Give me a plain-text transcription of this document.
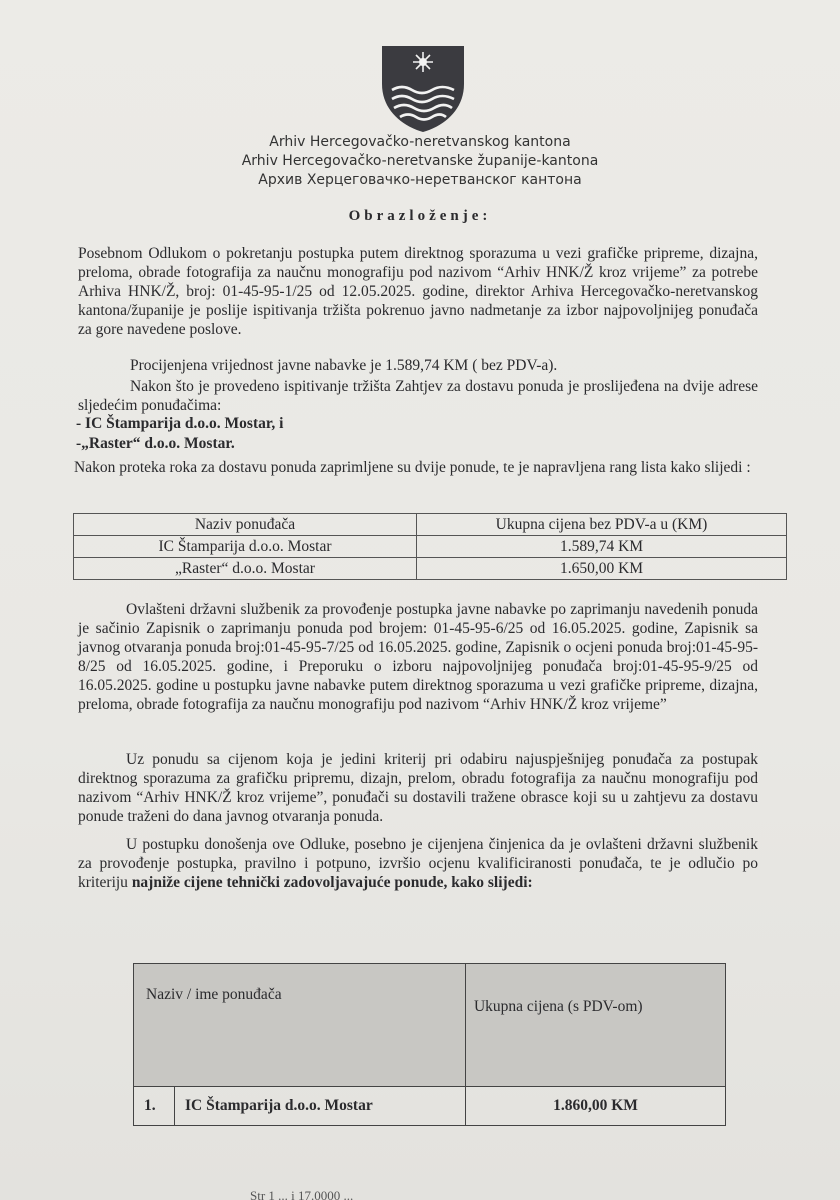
Arhiv Hercegovačko-neretvanskog kantona
Arhiv Hercegovačko-neretvanske županije-kantona
Архив Херцеговачко-неретванског кантона
Obrazloženje:
Posebnom Odlukom o pokretanju postupka putem direktnog sporazuma u vezi grafičke pripreme, dizajna, preloma, obrade fotografija za naučnu monografiju pod nazivom “Arhiv HNK/Ž kroz vrijeme” za potrebe Arhiva HNK/Ž, broj: 01-45-95-1/25 od 12.05.2025. godine, direktor Arhiva Hercegovačko-neretvanskog kantona/županije je poslije ispitivanja tržišta pokrenuo javno nadmetanje za izbor najpovoljnijeg ponuđača za gore navedene poslove.
Procijenjena vrijednost javne nabavke je 1.589,74 KM ( bez PDV-a).
Nakon što je provedeno ispitivanje tržišta Zahtjev za dostavu ponuda je proslijeđena na dvije adrese sljedećim ponuđačima:
- IC Štamparija d.o.o. Mostar, i
-„Raster“ d.o.o. Mostar.
Nakon proteka roka za dostavu ponuda zaprimljene su dvije ponude, te je napravljena rang lista kako slijedi :
Naziv ponuđača	Ukupna cijena bez PDV-a u (KM)
IC Štamparija d.o.o. Mostar	1.589,74 KM
„Raster“ d.o.o. Mostar	1.650,00 KM
Ovlašteni državni službenik za provođenje postupka javne nabavke po zaprimanju navedenih ponuda je sačinio Zapisnik o zaprimanju ponuda pod brojem: 01-45-95-6/25 od 16.05.2025. godine, Zapisnik sa javnog otvaranja ponuda broj:01-45-95-7/25 od 16.05.2025. godine, Zapisnik o ocjeni ponuda broj:01-45-95-8/25 od 16.05.2025. godine, i Preporuku o izboru najpovoljnijeg ponuđača broj:01-45-95-9/25 od 16.05.2025. godine u postupku javne nabavke putem direktnog sporazuma u vezi grafičke pripreme, dizajna, preloma, obrade fotografija za naučnu monografiju pod nazivom “Arhiv HNK/Ž kroz vrijeme”
Uz ponudu sa cijenom koja je jedini kriterij pri odabiru najuspješnijeg ponuđača za postupak direktnog sporazuma za grafičku pripremu, dizajn, prelom, obradu fotografija za naučnu monografiju pod nazivom “Arhiv HNK/Ž kroz vrijeme”, ponuđači su dostavili tražene obrasce koji su u zahtjevu za dostavu ponude traženi do dana javnog otvaranja ponuda.
U postupku donošenja ove Odluke, posebno je cijenjena činjenica da je ovlašteni državni službenik za provođenje postupka, pravilno i potpuno, izvršio ocjenu kvalificiranosti ponuđača, te je odlučio po kriteriju najniže cijene tehnički zadovoljavajuće ponude, kako slijedi:
Naziv / ime ponuđača		Ukupna cijena (s PDV-om)
1.	IC Štamparija d.o.o. Mostar	1.860,00 KM
Str 1 ... i 17.0000 ...
